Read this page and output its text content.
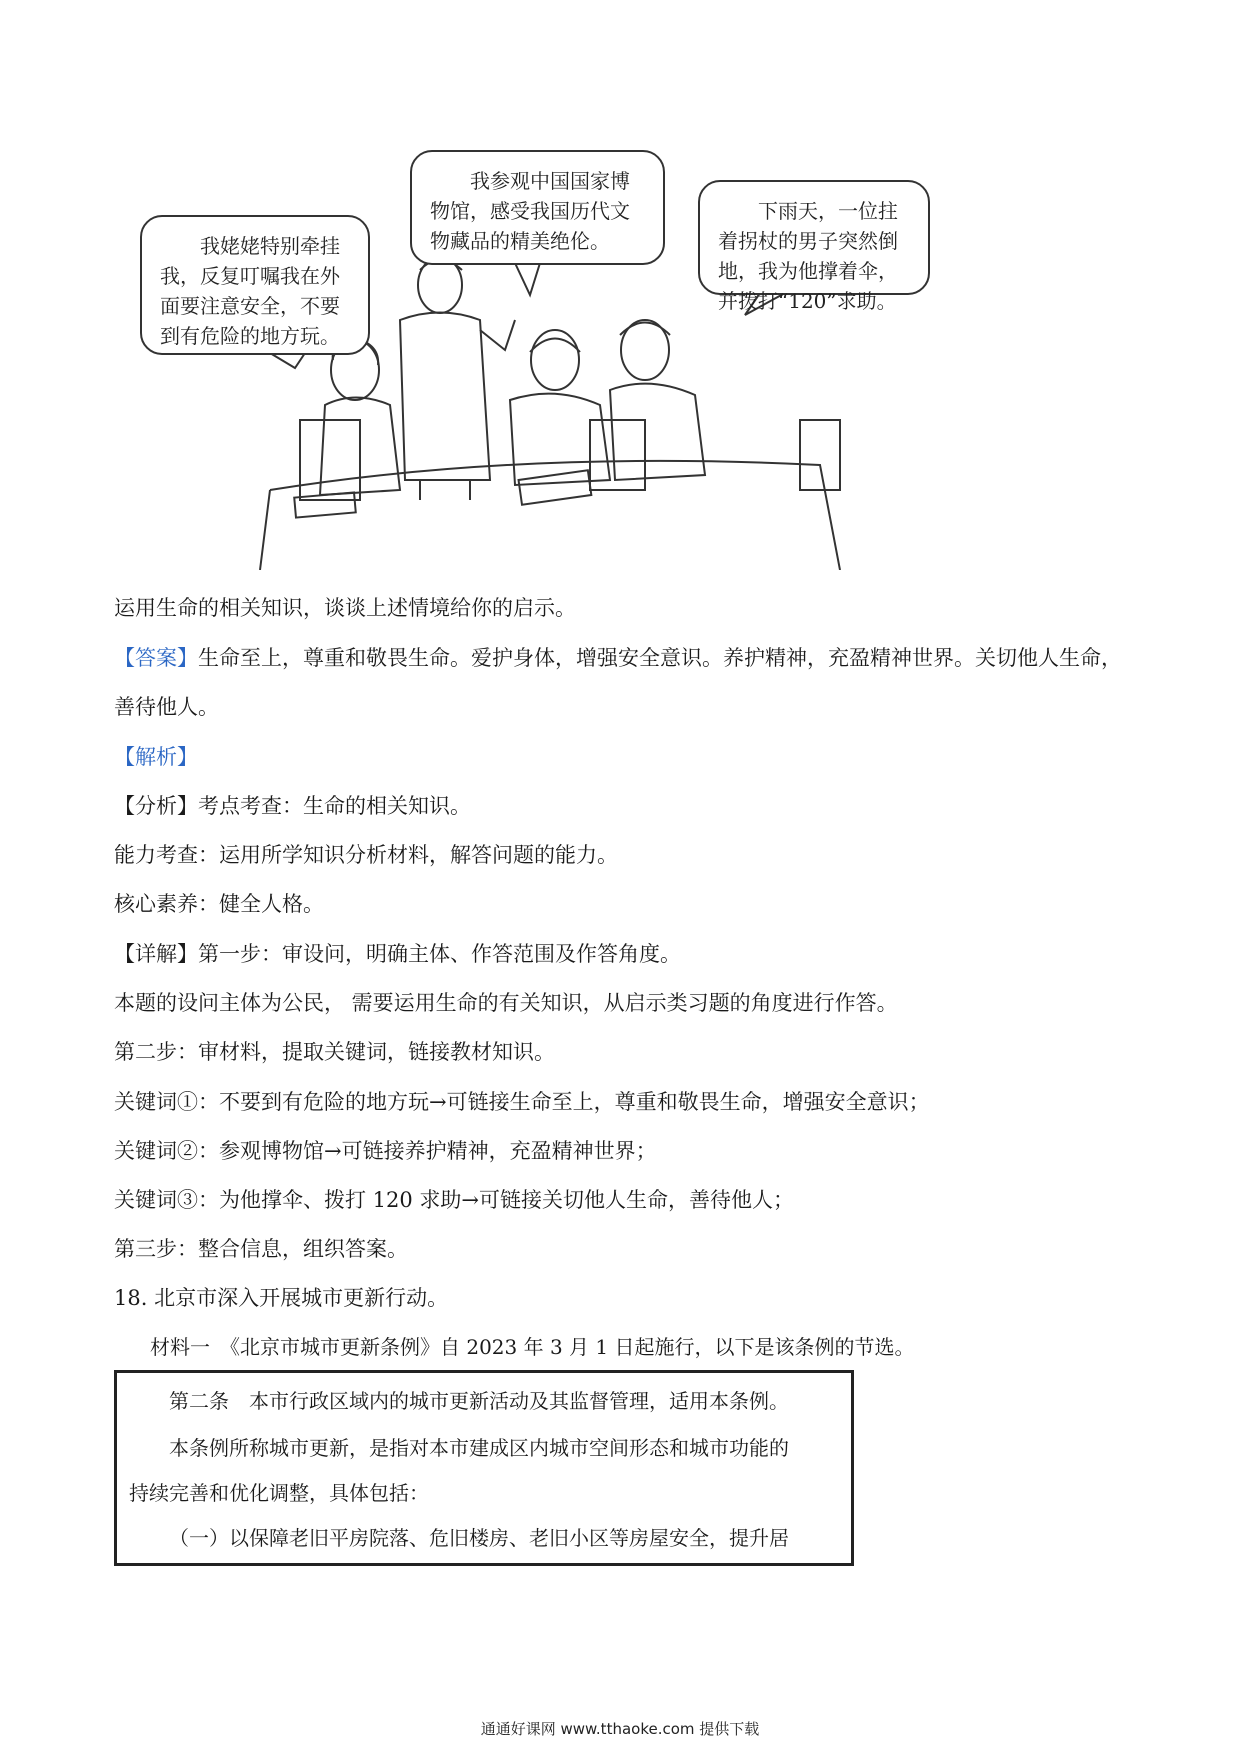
我姥姥特别牵挂我，反复叮嘱我在外面要注意安全，不要到有危险的地方玩。
我参观中国国家博物馆，感受我国历代文物藏品的精美绝伦。
下雨天，一位拄着拐杖的男子突然倒地，我为他撑着伞，并拨打“120”求助。
运用生命的相关知识，谈谈上述情境给你的启示。
【答案】生命至上，尊重和敬畏生命。爱护身体，增强安全意识。养护精神，充盈精神世界。关切他人生命，
善待他人。
【解析】
【分析】考点考查：生命的相关知识。
能力考查：运用所学知识分析材料，解答问题的能力。
核心素养：健全人格。
【详解】第一步：审设问，明确主体、作答范围及作答角度。
本题的设问主体为公民， 需要运用生命的有关知识，从启示类习题的角度进行作答。
第二步：审材料，提取关键词，链接教材知识。
关键词①：不要到有危险的地方玩→可链接生命至上，尊重和敬畏生命，增强安全意识；
关键词②：参观博物馆→可链接养护精神，充盈精神世界；
关键词③：为他撑伞、拨打 120 求助→可链接关切他人生命，善待他人；
第三步：整合信息，组织答案。
18. 北京市深入开展城市更新行动。
材料一　《北京市城市更新条例》自 2023 年 3 月 1 日起施行，以下是该条例的节选。

第二条　本市行政区域内的城市更新活动及其监督管理，适用本条例。

本条例所称城市更新，是指对本市建成区内城市空间形态和城市功能的

持续完善和优化调整，具体包括：

（一）以保障老旧平房院落、危旧楼房、老旧小区等房屋安全，提升居

通通好课网 www.tthaoke.com 提供下载
